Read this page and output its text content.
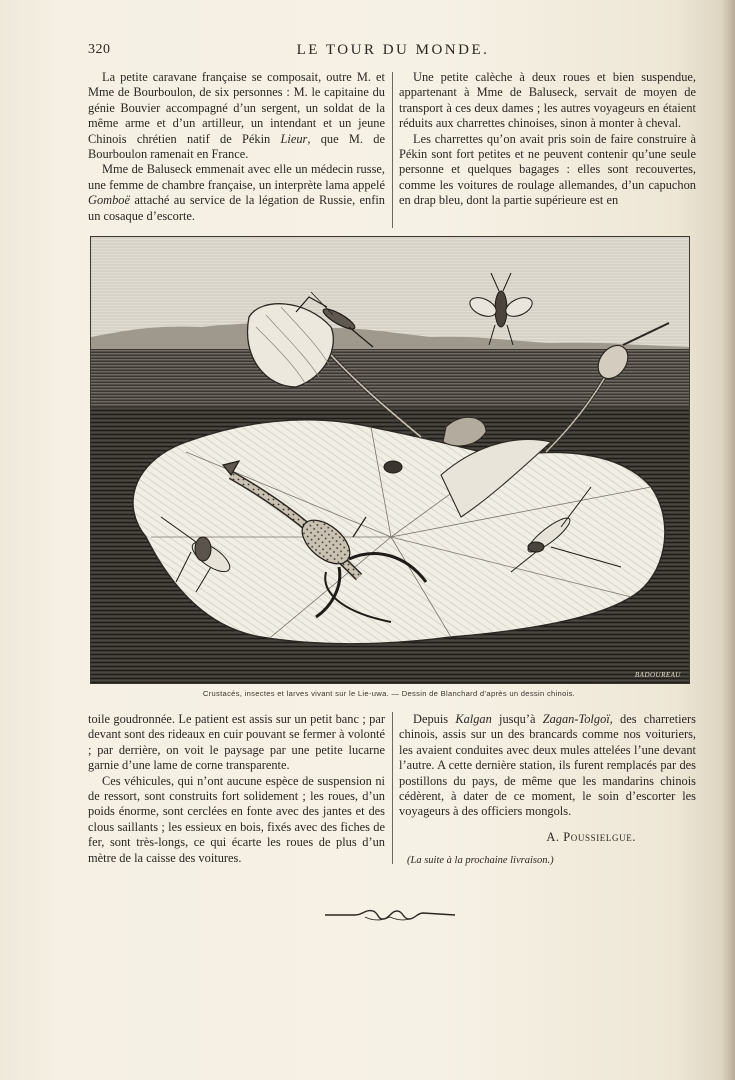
320	LE TOUR DU MONDE.

La petite caravane française se composait, outre M. et Mme de Bourboulon, de six personnes : M. le capitaine du génie Bouvier accompagné d’un sergent, un soldat de la même arme et d’un artilleur, un intendant et un jeune Chinois chrétien natif de Pékin Lieur, que M. de Bourboulon ramenait en France.

Mme de Baluseck emmenait avec elle un médecin russe, une femme de chambre française, un interprète lama appelé Gomboë attaché au service de la légation de Russie, enfin un cosaque d’escorte.

Une petite calèche à deux roues et bien suspendue, appartenant à Mme de Baluseck, servait de moyen de transport à ces deux dames ; les autres voyageurs en étaient réduits aux charrettes chinoises, sinon à monter à cheval.

Les charrettes qu’on avait pris soin de faire construire à Pékin sont fort petites et ne peuvent contenir qu’une seule personne et quelques bagages : elles sont recouvertes, comme les voitures de roulage allemandes, d’un capuchon en drap bleu, dont la partie supérieure est en

BADOUREAU
Crustacés, insectes et larves vivant sur le Lie-uwa. — Dessin de Blanchard d’après un dessin chinois.

toile goudronnée. Le patient est assis sur un petit banc ; par devant sont des rideaux en cuir pouvant se fermer à volonté ; par derrière, on voit le paysage par une petite lucarne garnie d’une lame de corne transparente.

Ces véhicules, qui n’ont aucune espèce de suspension ni de ressort, sont construits fort solidement ; les roues, d’un poids énorme, sont cerclées en fonte avec des jantes et des clous saillants ; les essieux en bois, fixés avec des fiches de fer, sont très-longs, ce qui écarte les roues de plus d’un mètre de la caisse des voitures.

Depuis Kalgan jusqu’à Zagan-Tolgoï, des charretiers chinois, assis sur un des brancards comme nos voituriers, les avaient conduites avec deux mules attelées l’une devant l’autre. A cette dernière station, ils furent remplacés par des postillons du pays, de même que les mandarins chinois cédèrent, à dater de ce moment, le soin d’escorter les voyageurs à des officiers mongols.

A. Poussielgue.

(La suite à la prochaine livraison.)
